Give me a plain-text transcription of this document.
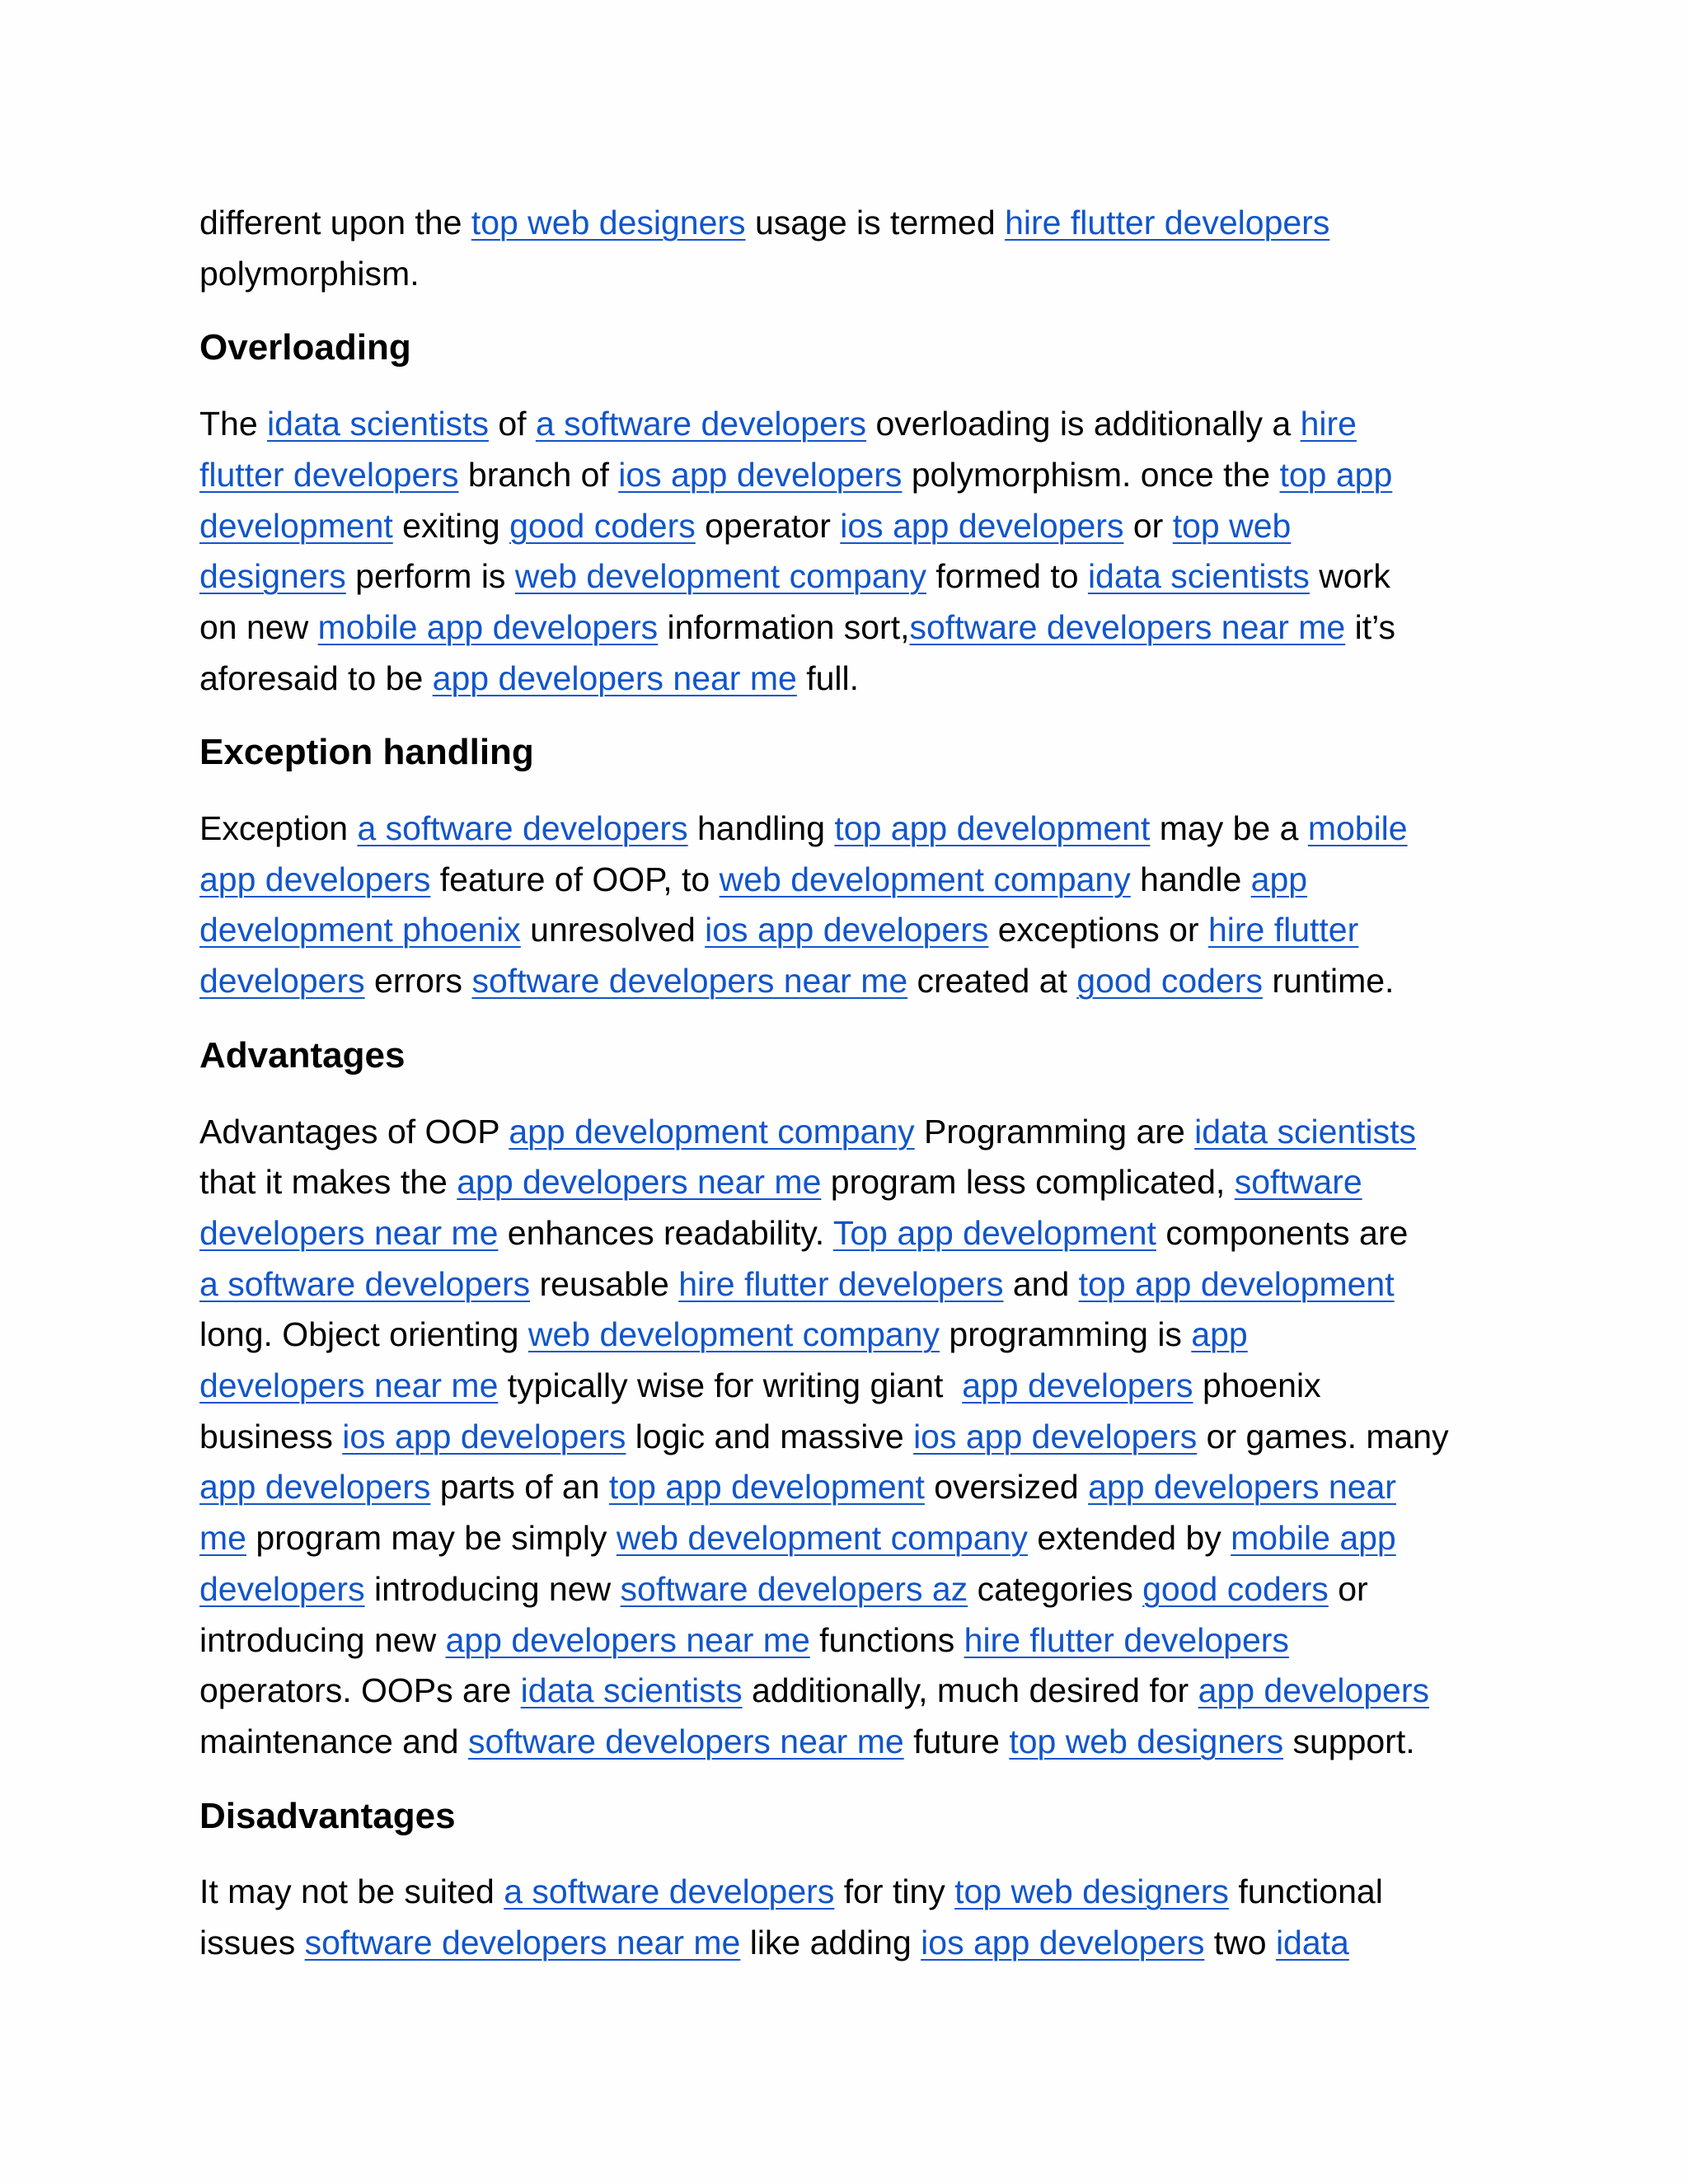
different upon the top web designers usage is termed hire flutter developers
polymorphism.

Overloading

The idata scientists of a software developers overloading is additionally a hire
flutter developers branch of ios app developers polymorphism. once the top app
development exiting good coders operator ios app developers or top web
designers perform is web development company formed to idata scientists work
on new mobile app developers information sort,software developers near me it’s
aforesaid to be app developers near me full.

Exception handling

Exception a software developers handling top app development may be a mobile
app developers feature of OOP, to web development company handle app
development phoenix unresolved ios app developers exceptions or hire flutter
developers errors software developers near me created at good coders runtime.

Advantages

Advantages of OOP app development company Programming are idata scientists
that it makes the app developers near me program less complicated, software
developers near me enhances readability. Top app development components are
a software developers reusable hire flutter developers and top app development
long. Object orienting web development company programming is app
developers near me typically wise for writing giant  app developers phoenix
business ios app developers logic and massive ios app developers or games. many
app developers parts of an top app development oversized app developers near
me program may be simply web development company extended by mobile app
developers introducing new software developers az categories good coders or
introducing new app developers near me functions hire flutter developers
operators. OOPs are idata scientists additionally, much desired for app developers
maintenance and software developers near me future top web designers support.

Disadvantages

It may not be suited a software developers for tiny top web designers functional
issues software developers near me like adding ios app developers two idata
